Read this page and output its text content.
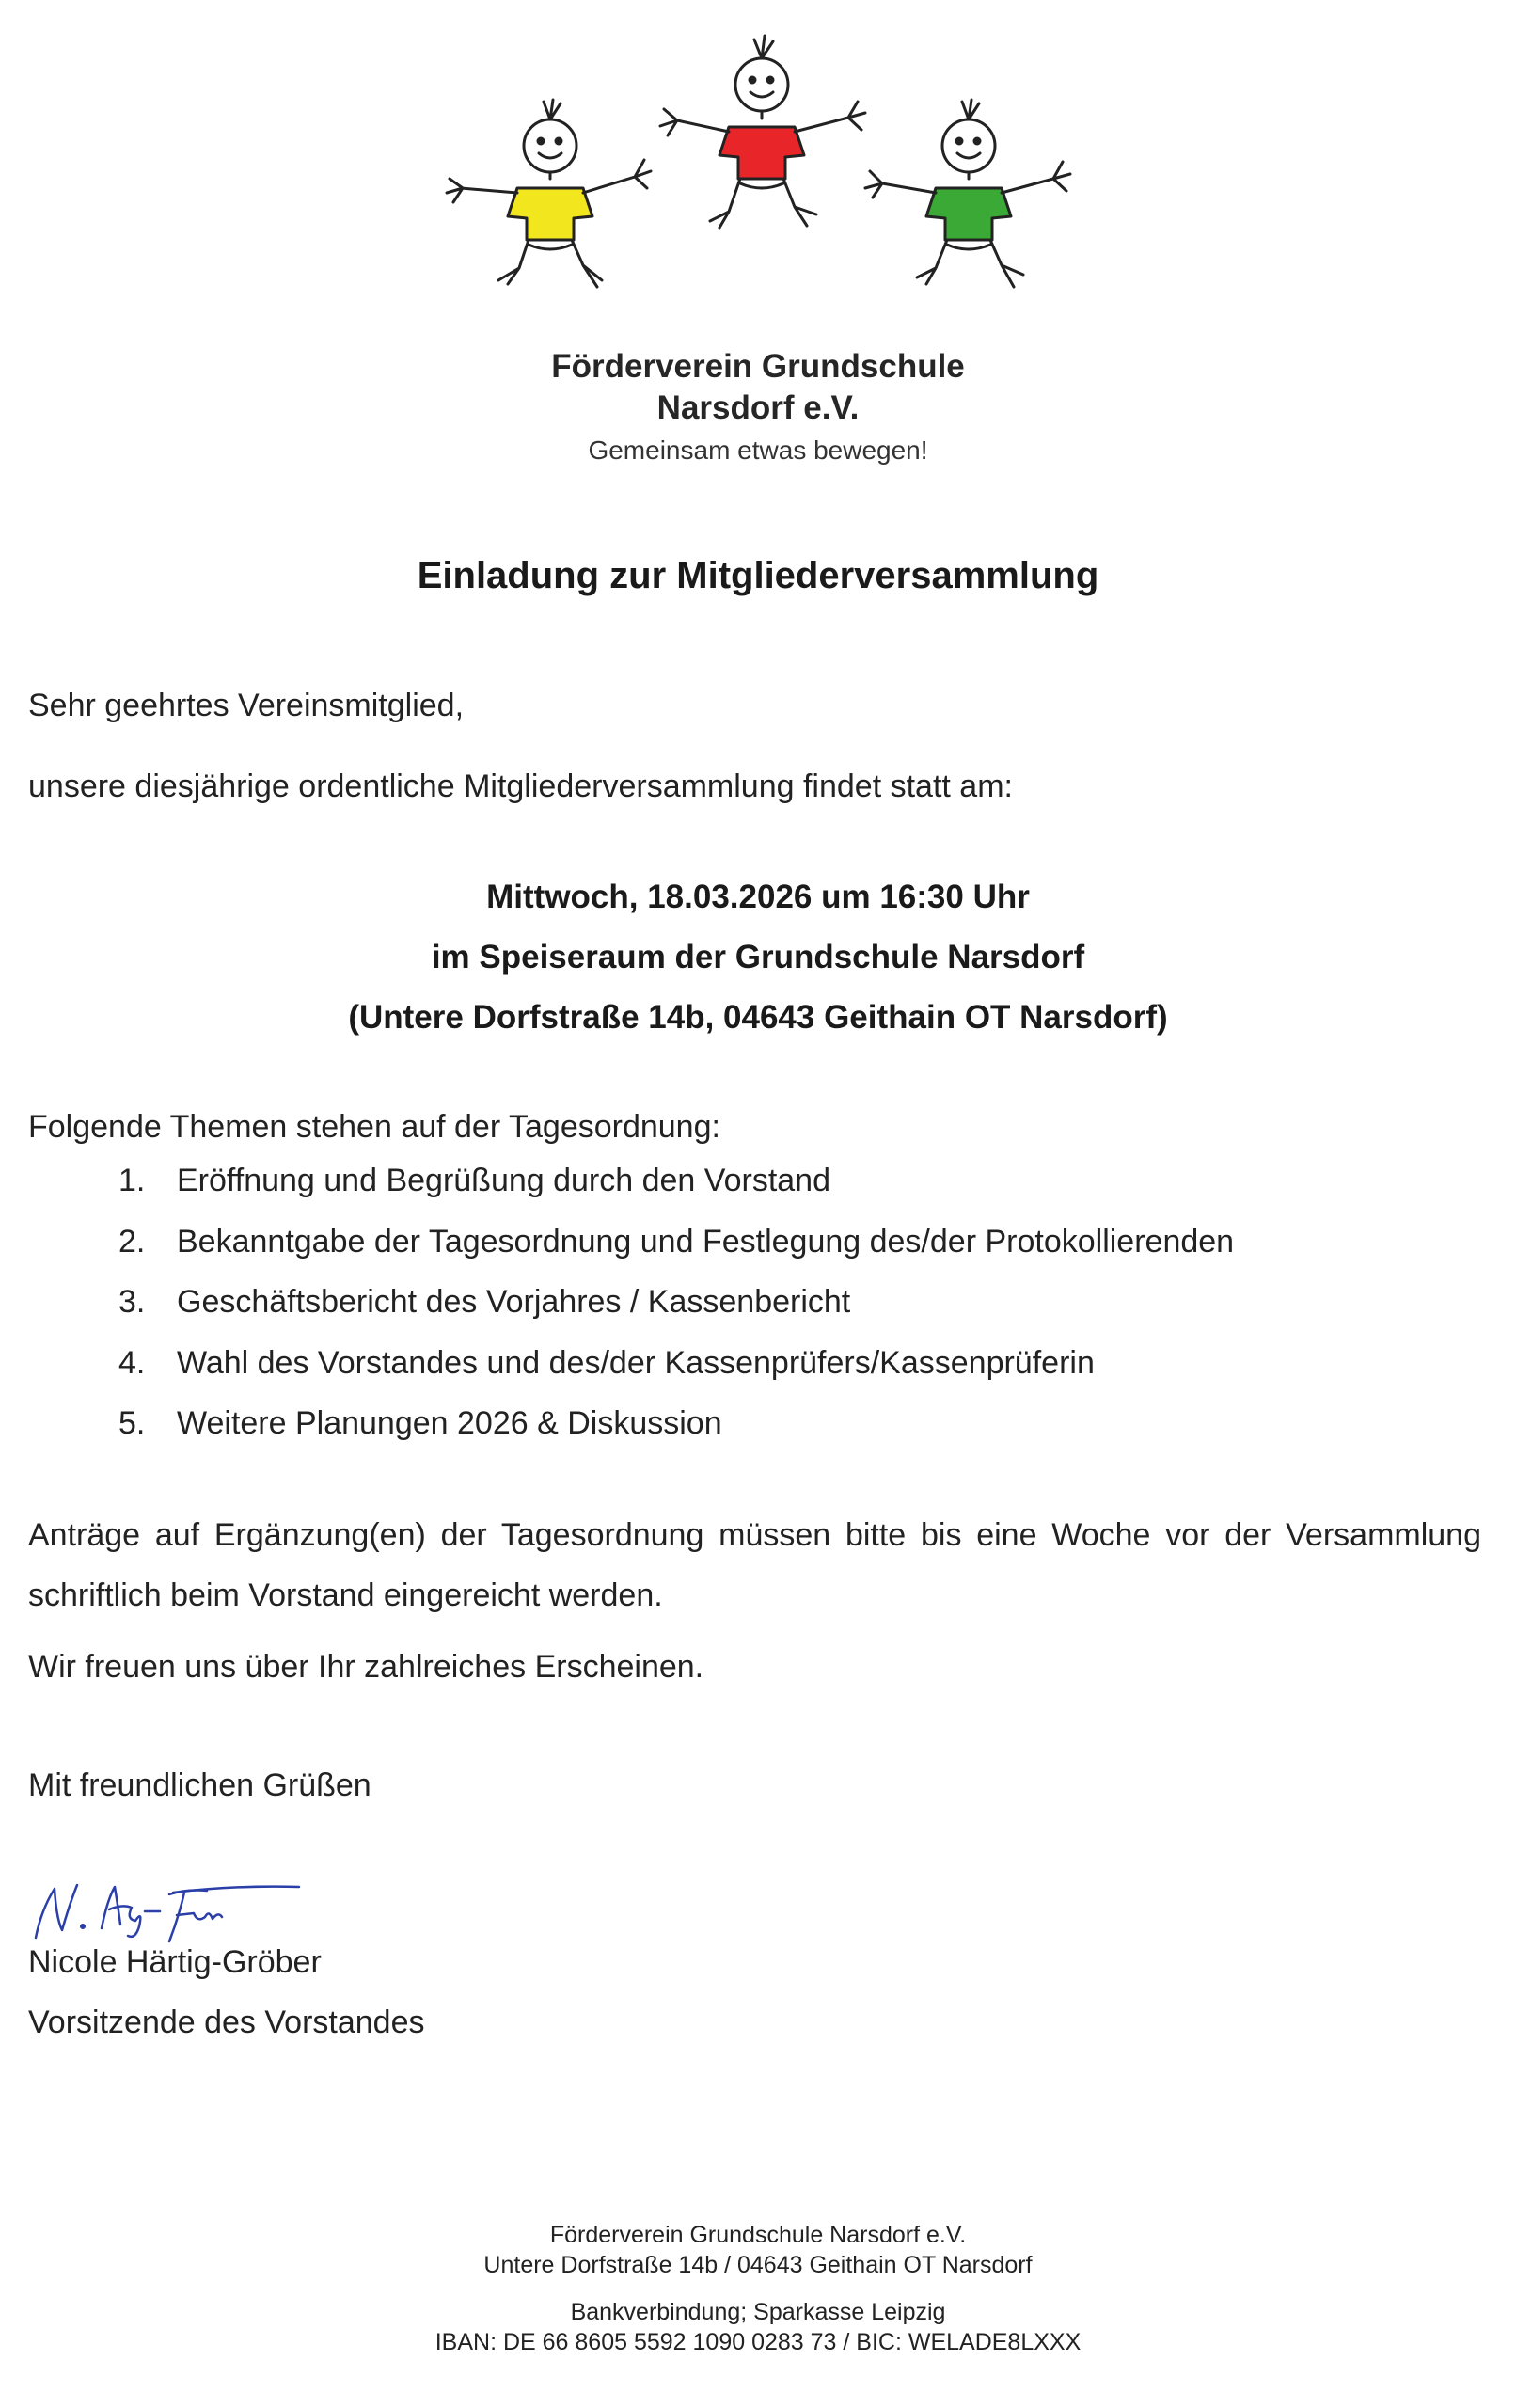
Förderverein Grundschule
Narsdorf e.V.
Gemeinsam etwas bewegen!
Einladung zur Mitgliederversammlung
Sehr geehrtes Vereinsmitglied,
unsere diesjährige ordentliche Mitgliederversammlung findet statt am:
Mittwoch, 18.03.2026 um 16:30 Uhr
im Speiseraum der Grundschule Narsdorf
(Untere Dorfstraße 14b, 04643 Geithain OT Narsdorf)
Folgende Themen stehen auf der Tagesordnung:
1. Eröffnung und Begrüßung durch den Vorstand
2. Bekanntgabe der Tagesordnung und Festlegung des/der Protokollierenden
3. Geschäftsbericht des Vorjahres / Kassenbericht
4. Wahl des Vorstandes und des/der Kassenprüfers/Kassenprüferin
5. Weitere Planungen 2026 & Diskussion
Anträge auf Ergänzung(en) der Tagesordnung müssen bitte bis eine Woche vor der Versammlung schriftlich beim Vorstand eingereicht werden.
Wir freuen uns über Ihr zahlreiches Erscheinen.
Mit freundlichen Grüßen
Nicole Härtig-Gröber
Vorsitzende des Vorstandes
Förderverein Grundschule Narsdorf e.V.
Untere Dorfstraße 14b / 04643 Geithain OT Narsdorf
Bankverbindung; Sparkasse Leipzig
IBAN: DE 66 8605 5592 1090 0283 73 / BIC: WELADE8LXXX
